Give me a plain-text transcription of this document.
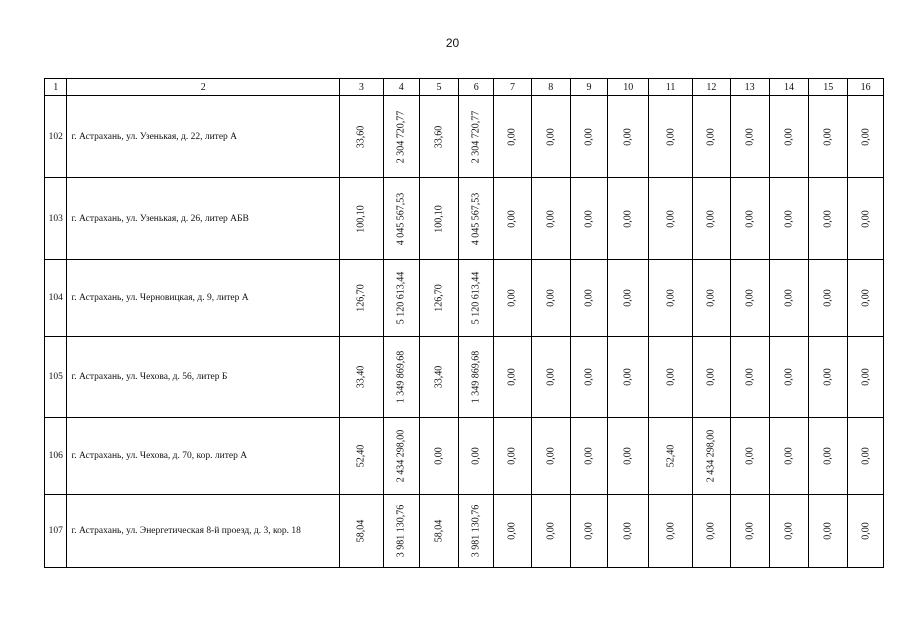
20
1	2	3	4	5	6	7	8	9	10	11	12	13	14	15	16
102	г. Астрахань, ул. Узенькая, д. 22, литер А	33,60	2 304 720,77	33,60	2 304 720,77	0,00	0,00	0,00	0,00	0,00	0,00	0,00	0,00	0,00	0,00

103	г. Астрахань, ул. Узенькая, д. 26, литер АБВ	100,10	4 045 567,53	100,10	4 045 567,53	0,00	0,00	0,00	0,00	0,00	0,00	0,00	0,00	0,00	0,00

104	г. Астрахань, ул. Черновицкая, д. 9, литер А	126,70	5 120 613,44	126,70	5 120 613,44	0,00	0,00	0,00	0,00	0,00	0,00	0,00	0,00	0,00	0,00

105	г. Астрахань, ул. Чехова, д. 56, литер Б	33,40	1 349 869,68	33,40	1 349 869,68	0,00	0,00	0,00	0,00	0,00	0,00	0,00	0,00	0,00	0,00

106	г. Астрахань, ул. Чехова, д. 70, кор. литер А	52,40	2 434 298,00	0,00	0,00	0,00	0,00	0,00	0,00	52,40	2 434 298,00	0,00	0,00	0,00	0,00

107	г. Астрахань, ул. Энергетическая 8-й проезд, д. 3, кор. 18	58,04	3 981 130,76	58,04	3 981 130,76	0,00	0,00	0,00	0,00	0,00	0,00	0,00	0,00	0,00	0,00
